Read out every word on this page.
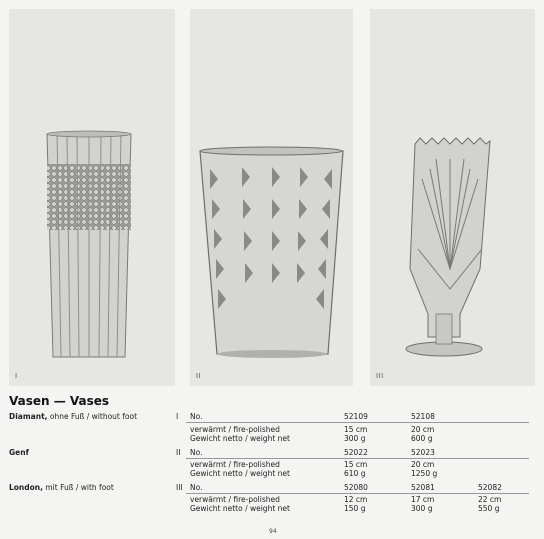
I	II	III
Vasen — Vases
Diamant, ohne Fuß / without foot	I No.	52109	52108
verwärmt / fire-polished	15 cm	20 cm
Gewicht netto / weight net	300 g	600 g
Genf	II No.	52022	52023
verwärmt / fire-polished	15 cm	20 cm
Gewicht netto / weight net	610 g	1250 g
London, mit Fuß / with foot	III No.	52080	52081	52082
verwärmt / fire-polished	12 cm	17 cm	22 cm
Gewicht netto / weight net	150 g	300 g	550 g
94
